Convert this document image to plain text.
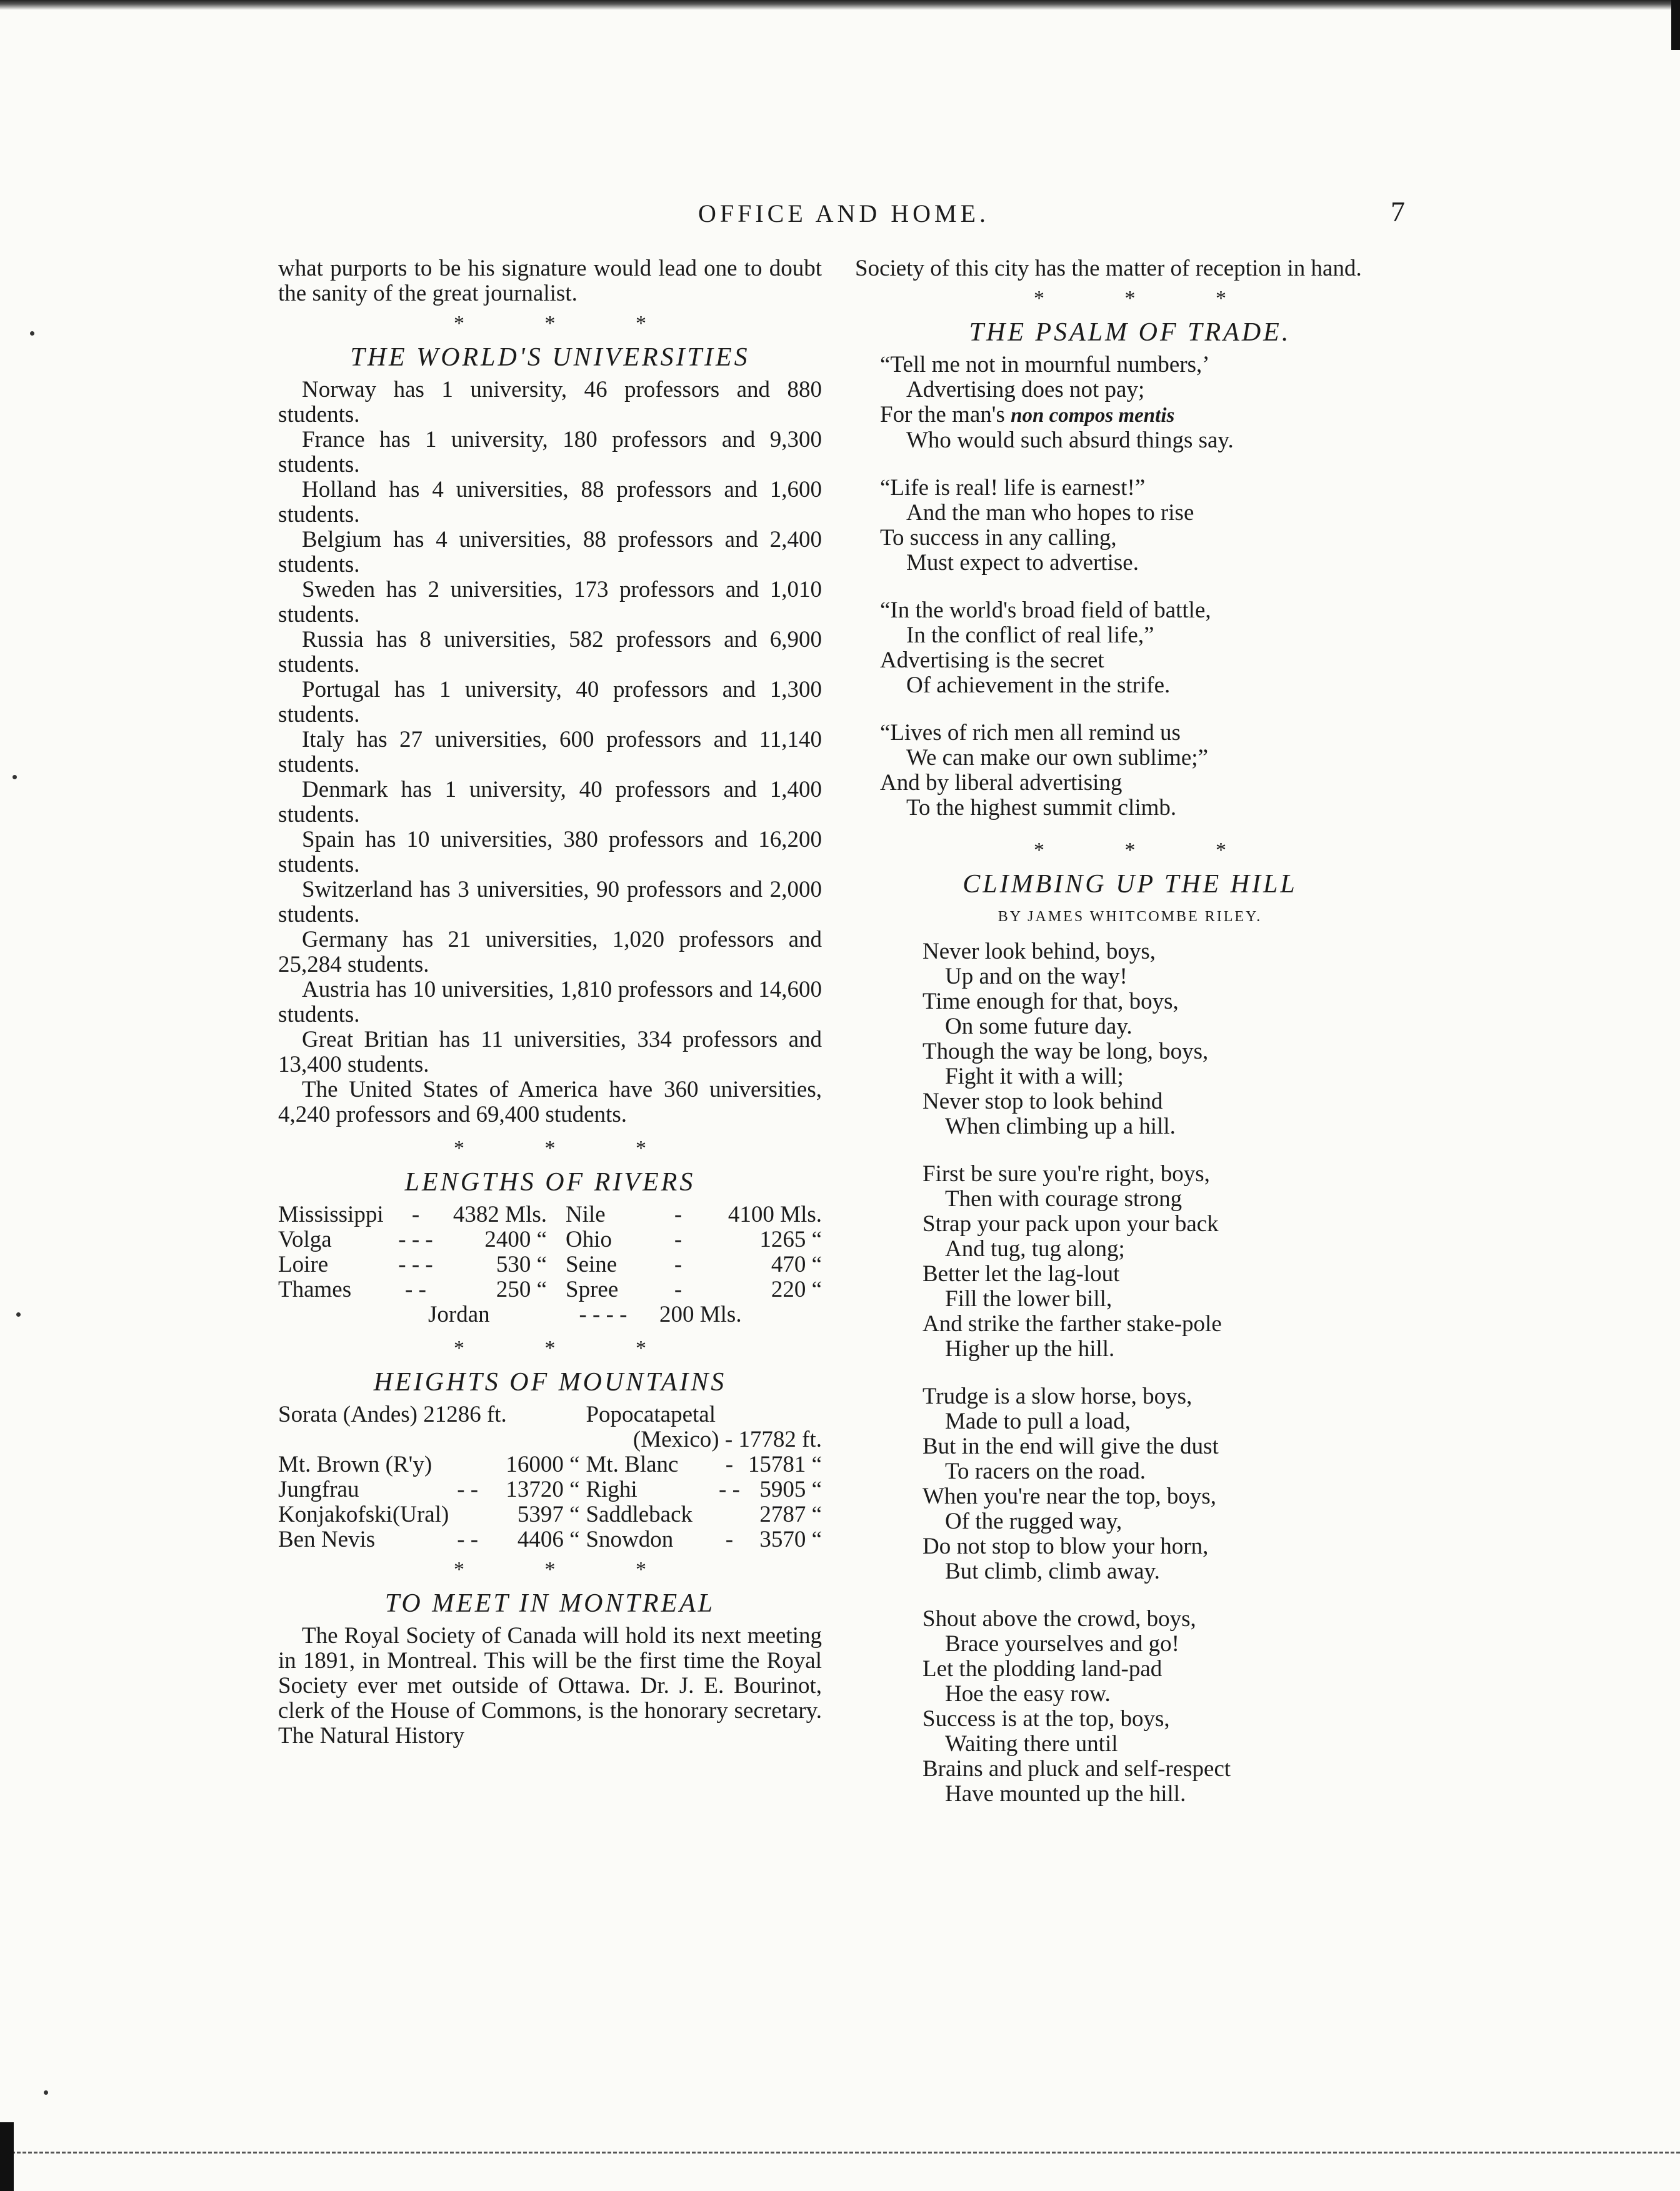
OFFICE AND HOME.	7

what purports to be his signature would lead one to doubt the sanity of the great journalist.

* * *
THE WORLD'S UNIVERSITIES

Norway has 1 university, 46 professors and 880 students.

France has 1 university, 180 professors and 9,300 students.

Holland has 4 universities, 88 professors and 1,600 students.

Belgium has 4 universities, 88 professors and 2,400 students.

Sweden has 2 universities, 173 professors and 1,010 students.

Russia has 8 universities, 582 professors and 6,900 students.

Portugal has 1 university, 40 professors and 1,300 students.

Italy has 27 universities, 600 professors and 11,140 students.

Denmark has 1 university, 40 professors and 1,400 students.

Spain has 10 universities, 380 professors and 16,200 students.

Switzerland has 3 universities, 90 professors and 2,000 students.

Germany has 21 universities, 1,020 professors and 25,284 students.

Austria has 10 universities, 1,810 professors and 14,600 students.

Great Britian has 11 universities, 334 professors and 13,400 students.

The United States of America have 360 universities, 4,240 professors and 69,400 students.

* * *
LENGTHS OF RIVERS
Mississippi	-	4382 Mls.		Nile	-	4100 Mls.
Volga	- - -	2400 “		Ohio	-	1265 “
Loire	- - -	530 “		Seine	-	470 “
Thames	- -	250 “		Spree	-	220 “
	Jordan		- - - -		200 Mls.	
* * *
HEIGHTS OF MOUNTAINS
Sorata (Andes) 21286 ft.				Popocatapetal		
				(Mexico) - 17782 ft.		
Mt. Brown (R'y)		16000 “		Mt. Blanc	-	15781 “
Jungfrau	- -	13720 “		Righi	- -	5905 “
Konjakofski(Ural)		5397 “		Saddleback		2787 “
Ben Nevis	- -	4406 “		Snowdon	-	3570 “
* * *
TO MEET IN MONTREAL

The Royal Society of Canada will hold its next meeting in 1891, in Montreal. This will be the first time the Royal Society ever met outside of Ottawa. Dr. J. E. Bourinot, clerk of the House of Commons, is the honorary secretary. The Natural History

Society of this city has the matter of reception in hand.

* * *
THE PSALM OF TRADE.
“Tell me not in mournful numbers,’
Advertising does not pay;
For the man's non compos mentis
Who would such absurd things say.
“Life is real! life is earnest!”
And the man who hopes to rise
To success in any calling,
Must expect to advertise.
“In the world's broad field of battle,
In the conflict of real life,”
Advertising is the secret
Of achievement in the strife.
“Lives of rich men all remind us
We can make our own sublime;”
And by liberal advertising
To the highest summit climb.
* * *
CLIMBING UP THE HILL
BY JAMES WHITCOMBE RILEY.
Never look behind, boys,
Up and on the way!
Time enough for that, boys,
On some future day.
Though the way be long, boys,
Fight it with a will;
Never stop to look behind
When climbing up a hill.
First be sure you're right, boys,
Then with courage strong
Strap your pack upon your back
And tug, tug along;
Better let the lag-lout
Fill the lower bill,
And strike the farther stake-pole
Higher up the hill.
Trudge is a slow horse, boys,
Made to pull a load,
But in the end will give the dust
To racers on the road.
When you're near the top, boys,
Of the rugged way,
Do not stop to blow your horn,
But climb, climb away.
Shout above the crowd, boys,
Brace yourselves and go!
Let the plodding land-pad
Hoe the easy row.
Success is at the top, boys,
Waiting there until
Brains and pluck and self-respect
Have mounted up the hill.
